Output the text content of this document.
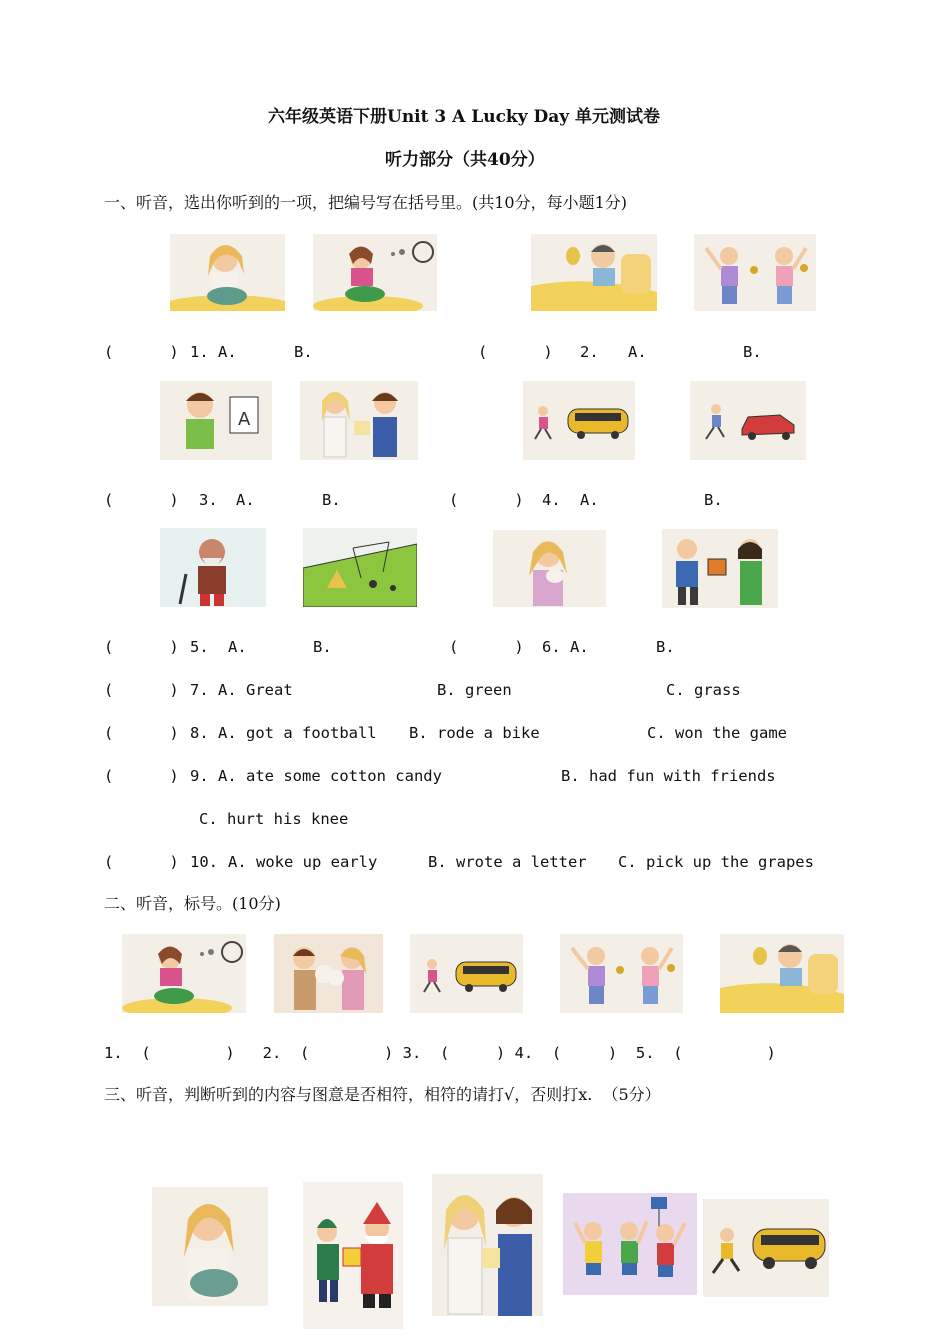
六年级英语下册Unit 3 A Lucky Day 单元测试卷
听力部分（共40分）
一、听音，选出你听到的一项，把编号写在括号里。(共10分，每小题1分)
(      ) 1. A.	B.	(      ) 2. A.	B.
A
(      ) 3. A.	B.	(      ) 4. A.	B.
(      ) 5. A.	B.	(      ) 6. A.	B.
(      ) 7. A. Great	B. green	C. grass
(      ) 8. A. got a football B. rode a bike	C. won the game
(      ) 9. A. ate some cotton candy	B. had fun with friends
C. hurt his knee
(      ) 10. A. woke up early	B. wrote a letter C. pick up the grapes
二、听音，标号。(10分)
1.  (        )   2.  (        ) 3.  (     ) 4.  (     )  5.  (         )
三、听音，判断听到的内容与图意是否相符，相符的请打√，否则打x.  （5分）
